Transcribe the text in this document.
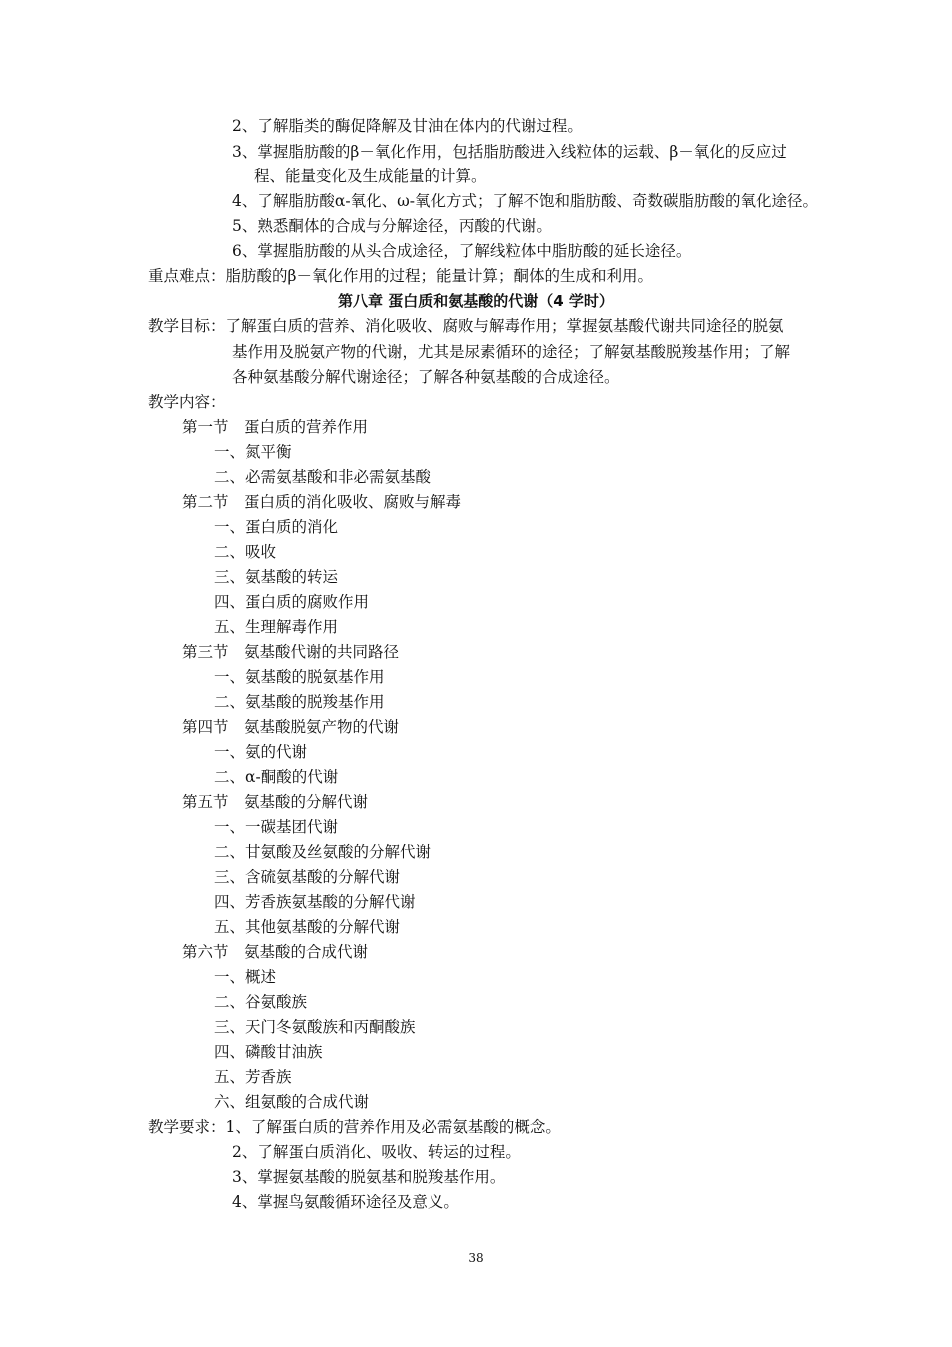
2、了解脂类的酶促降解及甘油在体内的代谢过程。
3、掌握脂肪酸的β－氧化作用，包括脂肪酸进入线粒体的运载、β－氧化的反应过
程、能量变化及生成能量的计算。
4、了解脂肪酸α-氧化、ω-氧化方式；了解不饱和脂肪酸、奇数碳脂肪酸的氧化途径。
5、熟悉酮体的合成与分解途径，丙酸的代谢。
6、掌握脂肪酸的从头合成途径，了解线粒体中脂肪酸的延长途径。
重点难点：脂肪酸的β－氧化作用的过程；能量计算；酮体的生成和利用。
第八章 蛋白质和氨基酸的代谢（4 学时）
教学目标：了解蛋白质的营养、消化吸收、腐败与解毒作用；掌握氨基酸代谢共同途径的脱氨
基作用及脱氨产物的代谢，尤其是尿素循环的途径；了解氨基酸脱羧基作用；了解
各种氨基酸分解代谢途径；了解各种氨基酸的合成途径。
教学内容：
第一节　蛋白质的营养作用
一、氮平衡
二、必需氨基酸和非必需氨基酸
第二节　蛋白质的消化吸收、腐败与解毒
一、蛋白质的消化
二、吸收
三、氨基酸的转运
四、蛋白质的腐败作用
五、生理解毒作用
第三节　氨基酸代谢的共同路径
一、氨基酸的脱氨基作用
二、氨基酸的脱羧基作用
第四节　氨基酸脱氨产物的代谢
一、氨的代谢
二、α-酮酸的代谢
第五节　氨基酸的分解代谢
一、一碳基团代谢
二、甘氨酸及丝氨酸的分解代谢
三、含硫氨基酸的分解代谢
四、芳香族氨基酸的分解代谢
五、其他氨基酸的分解代谢
第六节　氨基酸的合成代谢
一、概述
二、谷氨酸族
三、天门冬氨酸族和丙酮酸族
四、磷酸甘油族
五、芳香族
六、组氨酸的合成代谢
教学要求：1、了解蛋白质的营养作用及必需氨基酸的概念。
2、了解蛋白质消化、吸收、转运的过程。
3、掌握氨基酸的脱氨基和脱羧基作用。
4、掌握鸟氨酸循环途径及意义。
38
